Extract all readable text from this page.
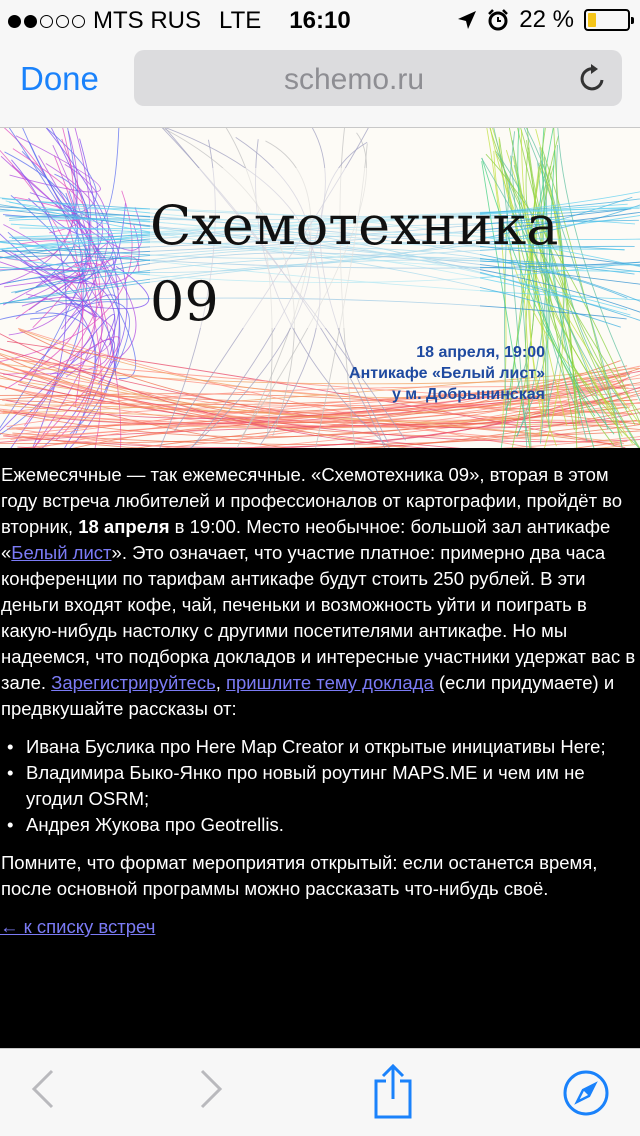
MTS RUS LTE	16:10	22 %
Done	schemo.ru
Схемотехника
09
18 апреля, 19:00
Антикафе «Белый лист»
у м. Добрынинская

Ежемесячные — так ежемесячные. «Схемотехника 09», вторая в этом году встреча любителей и профессионалов от картографии, пройдёт во вторник, 18 апреля в 19:00. Место необычное: большой зал антикафе «Белый лист». Это означает, что участие платное: примерно два часа конференции по тарифам антикафе будут стоить 250 рублей. В эти деньги входят кофе, чай, печеньки и возможность уйти и поиграть в какую-нибудь настолку с другими посетителями антикафе. Но мы надеемся, что подборка докладов и интересные участники удержат вас в зале. Зарегистрируйтесь, пришлите тему доклада (если придумаете) и предвкушайте рассказы от:

• Ивана Буслика про Here Map Creator и открытые инициативы Here;
• Владимира Быко-Янко про новый роутинг MAPS.ME и чем им не угодил OSRM;
• Андрея Жукова про Geotrellis.

Помните, что формат мероприятия открытый: если останется время, после основной программы можно рассказать что-нибудь своё.

← к списку встреч
